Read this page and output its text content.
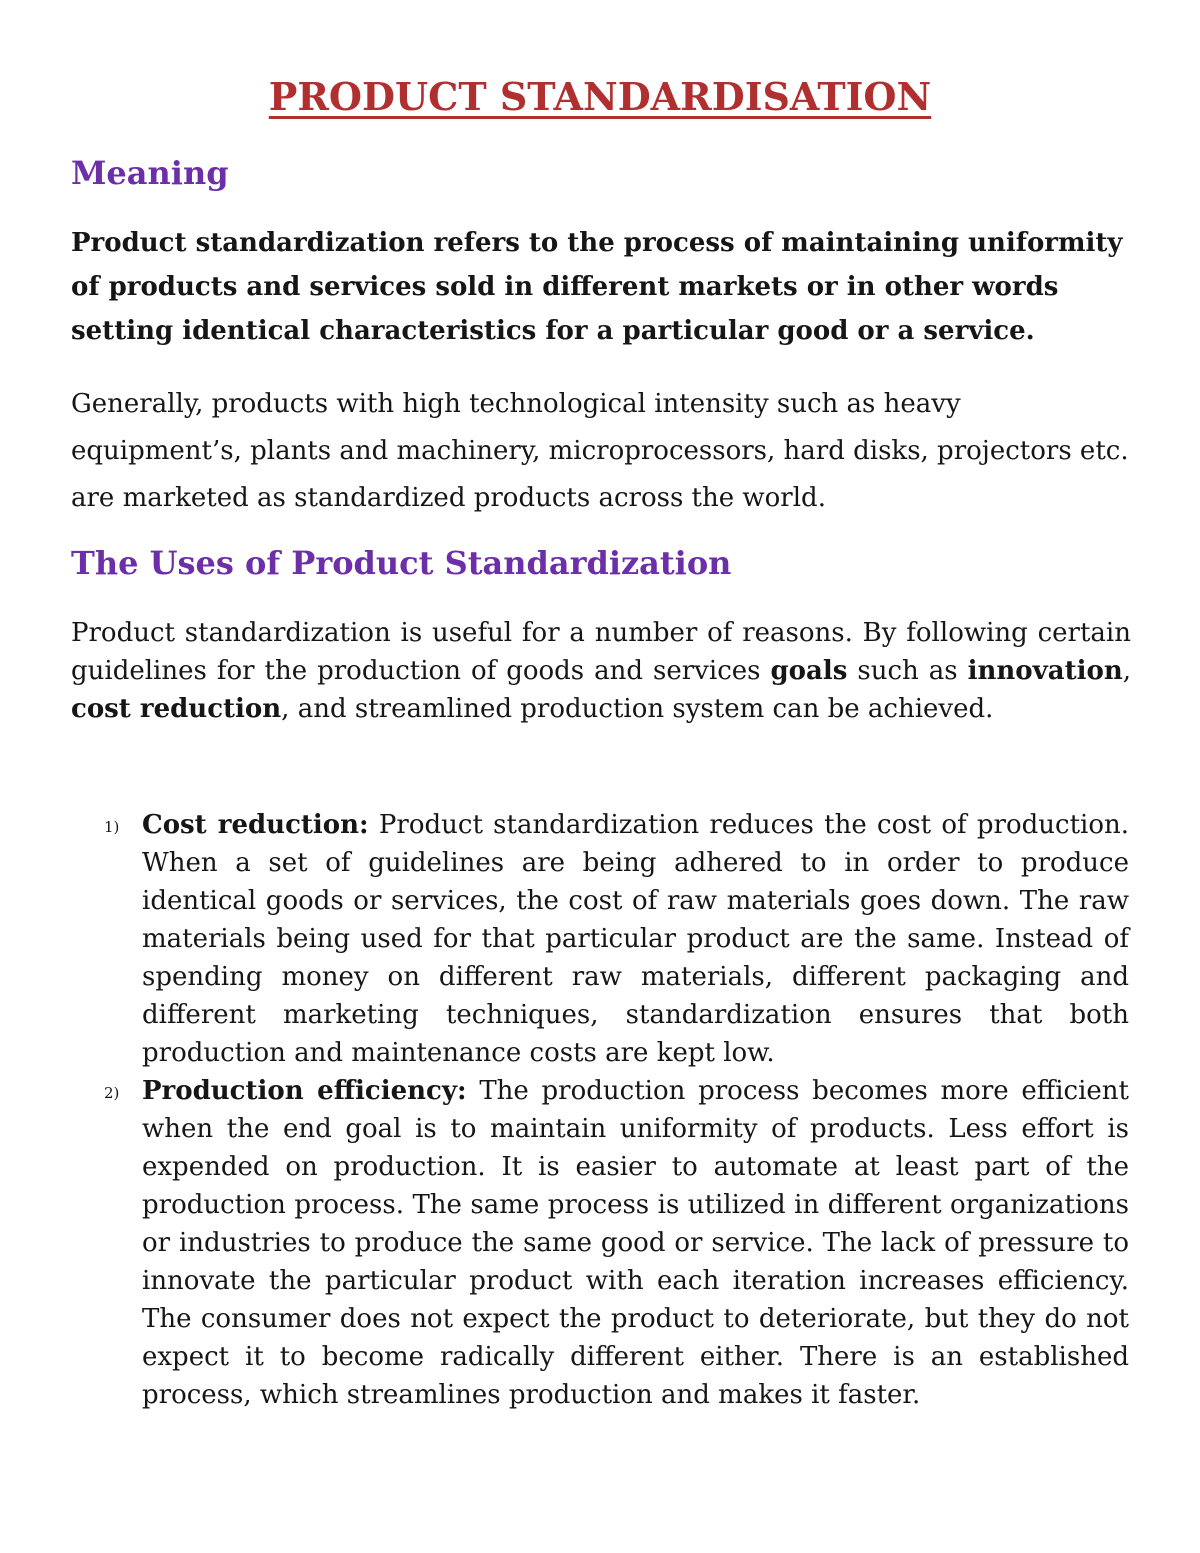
PRODUCT STANDARDISATION
Meaning

Product standardization refers to the process of maintaining uniformity of products and services sold in different markets or in other words setting identical characteristics for a particular good or a service.

Generally, products with high technological intensity such as heavy equipment’s, plants and machinery, microprocessors, hard disks, projectors etc. are marketed as standardized products across the world.

The Uses of Product Standardization

Product standardization is useful for a number of reasons. By following certain guidelines for the production of goods and services goals such as innovation, cost reduction, and streamlined production system can be achieved.

1) Cost reduction: Product standardization reduces the cost of production. When a set of guidelines are being adhered to in order to produce identical goods or services, the cost of raw materials goes down. The raw materials being used for that particular product are the same. Instead of spending money on different raw materials, different packaging and different marketing techniques, standardization ensures that both production and maintenance costs are kept low.
2) Production efficiency: The production process becomes more efficient when the end goal is to maintain uniformity of products. Less effort is expended on production. It is easier to automate at least part of the production process. The same process is utilized in different organizations or industries to produce the same good or service. The lack of pressure to innovate the particular product with each iteration increases efficiency. The consumer does not expect the product to deteriorate, but they do not expect it to become radically different either. There is an established process, which streamlines production and makes it faster.
